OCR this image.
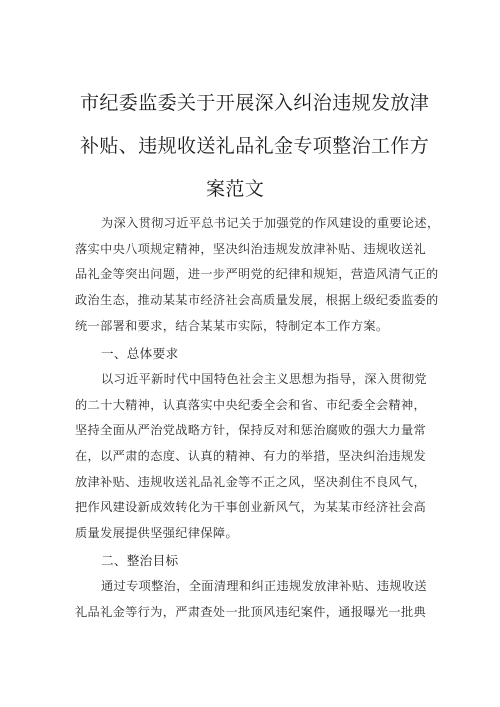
市纪委监委关于开展深入纠治违规发放津
补贴、违规收送礼品礼金专项整治工作方
案范文
为深入贯彻习近平总书记关于加强党的作风建设的重要论述，
落实中央八项规定精神，坚决纠治违规发放津补贴、违规收送礼
品礼金等突出问题，进一步严明党的纪律和规矩，营造风清气正的
政治生态，推动某某市经济社会高质量发展，根据上级纪委监委的
统一部署和要求，结合某某市实际，特制定本工作方案。
一、总体要求
以习近平新时代中国特色社会主义思想为指导，深入贯彻党
的二十大精神，认真落实中央纪委全会和省、市纪委全会精神，
坚持全面从严治党战略方针，保持反对和惩治腐败的强大力量常
在，以严肃的态度、认真的精神、有力的举措，坚决纠治违规发
放津补贴、违规收送礼品礼金等不正之风，坚决刹住不良风气，
把作风建设新成效转化为干事创业新风气，为某某市经济社会高
质量发展提供坚强纪律保障。
二、整治目标
通过专项整治，全面清理和纠正违规发放津补贴、违规收送
礼品礼金等行为，严肃查处一批顶风违纪案件，通报曝光一批典
